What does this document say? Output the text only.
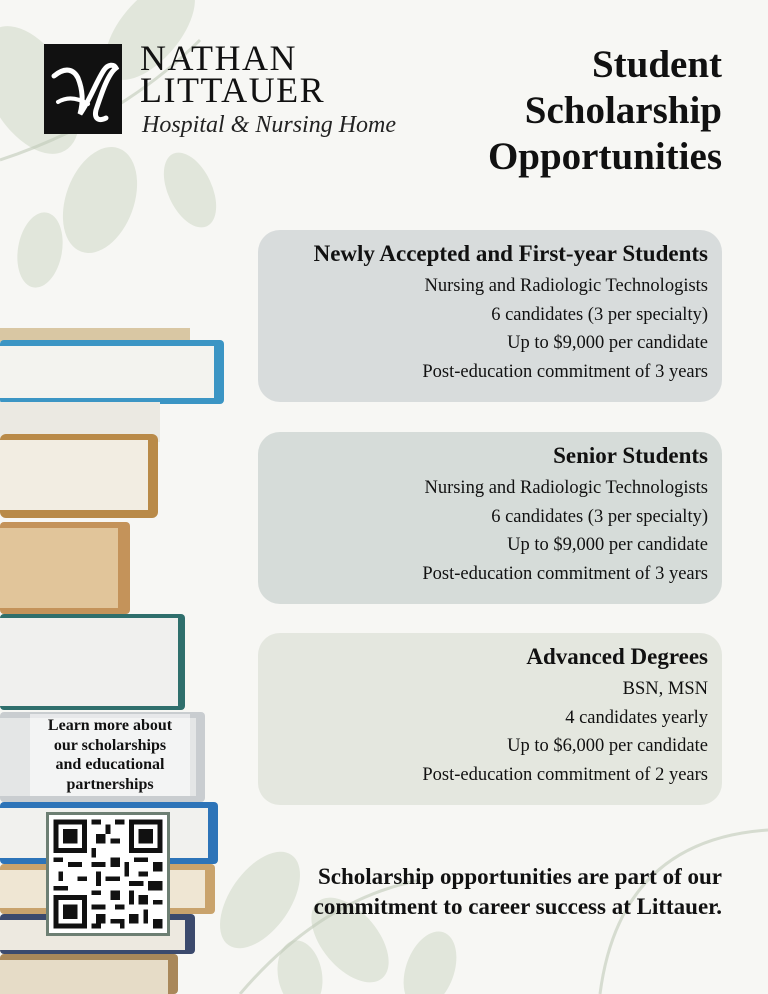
NATHAN
LITTAUER
Hospital & Nursing Home
Student
Scholarship
Opportunities
Newly Accepted and First-year Students
Nursing and Radiologic Technologists
6 candidates (3 per specialty)
Up to $9,000 per candidate
Post-education commitment of 3 years
Senior Students
Nursing and Radiologic Technologists
6 candidates (3 per specialty)
Up to $9,000 per candidate
Post-education commitment of 3 years
Advanced Degrees
BSN, MSN
4 candidates yearly
Up to $6,000 per candidate
Post-education commitment of 2 years
Learn more about
our scholarships
and educational
partnerships
Scholarship opportunities are part of our
commitment to career success at Littauer.
